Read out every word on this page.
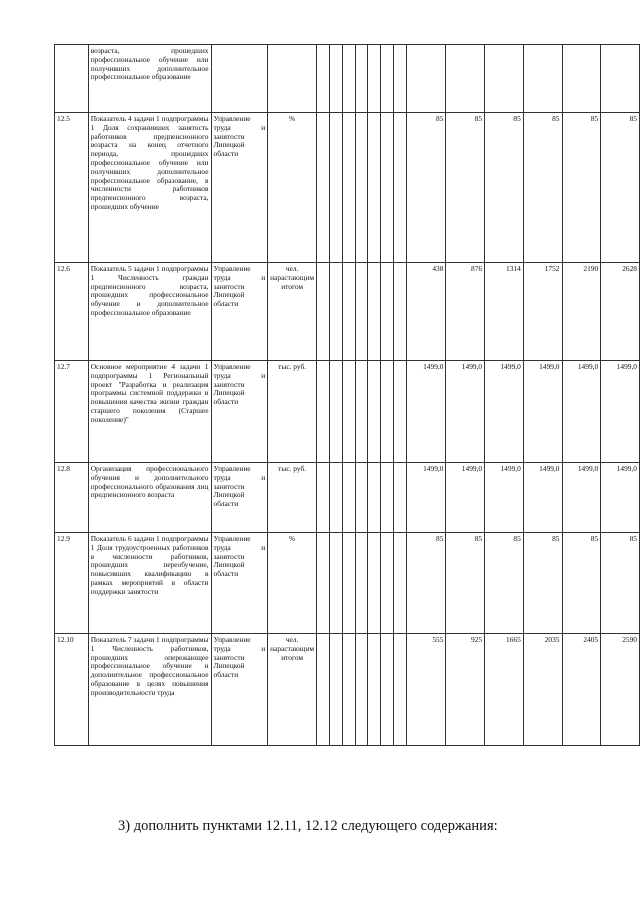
	возраста, прошедших профессиональное обучение или получивших дополнительное профессиональное образование															
12.5	Показатель 4 задачи 1 подпрограммы 1 Доля сохранивших занятость работников предпенсионного возраста на конец отчетного периода, прошедших профессиональное обучение или получивших дополнительное профессиональное образование, в численности работников предпенсионного возраста, прошедших обучение	Управление труда и занятости Липецкой области	%								85	85	85	85	85	85
12.6	Показатель 5 задачи 1 подпрограммы 1 Численность граждан предпенсионного возраста, прошедших профессиональное обучение и дополнительное профессиональное образование	Управление труда и занятости Липецкой области	чел. нарастающим итогом								438	876	1314	1752	2190	2628
12.7	Основное мероприятие 4 задачи 1 подпрограммы 1 Региональный проект "Разработка и реализация программы системной поддержки и повышения качества жизни граждан старшего поколения (Старшее поколение)"	Управление труда и занятости Липецкой области	тыс. руб.								1499,0	1499,0	1499,0	1499,0	1499,0	1499,0
12.8	Организация профессионального обучения и дополнительного профессионального образования лиц предпенсионного возраста	Управление труда и занятости Липецкой области	тыс. руб.								1499,0	1499,0	1499,0	1499,0	1499,0	1499,0
12.9	Показатель 6 задачи 1 подпрограммы 1 Доля трудоустроенных работников в численности работников, прошедших переобучение, повысивших квалификацию в рамках мероприятий в области поддержки занятости	Управление труда и занятости Липецкой области	%								85	85	85	85	85	85
12.10	Показатель 7 задачи 1 подпрограммы 1 Численность работников, прошедших опережающее профессиональное обучение и дополнительное профессиональное образование в целях повышения производительности труда	Управление труда и занятости Липецкой области	чел. нарастающим итогом								555	925	1665	2035	2405	2590
3) дополнить пунктами 12.11, 12.12 следующего содержания:
